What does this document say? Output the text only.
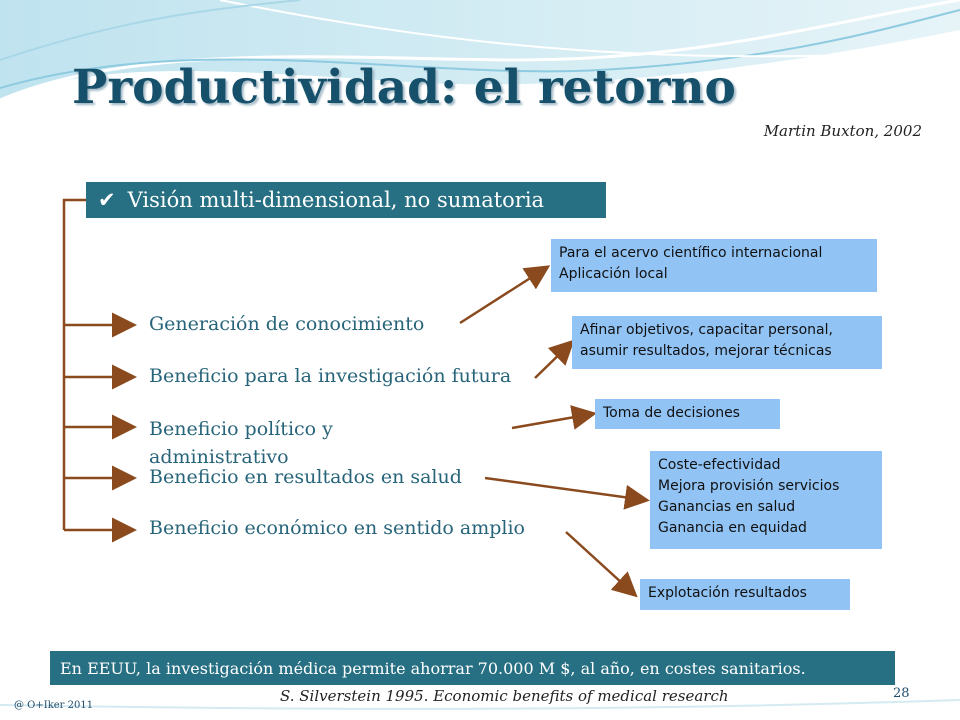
Productividad: el retorno
Martin Buxton, 2002
✔ Visión multi-dimensional, no sumatoria
Generación de conocimiento
Beneficio para la investigación futura
Beneficio político y administrativo
Beneficio en resultados en salud
Beneficio económico en sentido amplio
Para el acervo científico internacional
Aplicación local
Afinar objetivos, capacitar personal,
asumir resultados, mejorar técnicas
Toma de decisiones
Coste-efectividad
Mejora provisión servicios
Ganancias en salud
Ganancia en equidad
Explotación resultados
En EEUU, la investigación médica permite ahorrar 70.000 M $, al año, en costes sanitarios.
S. Silverstein 1995. Economic benefits of medical research
@ O+Iker 2011
28
